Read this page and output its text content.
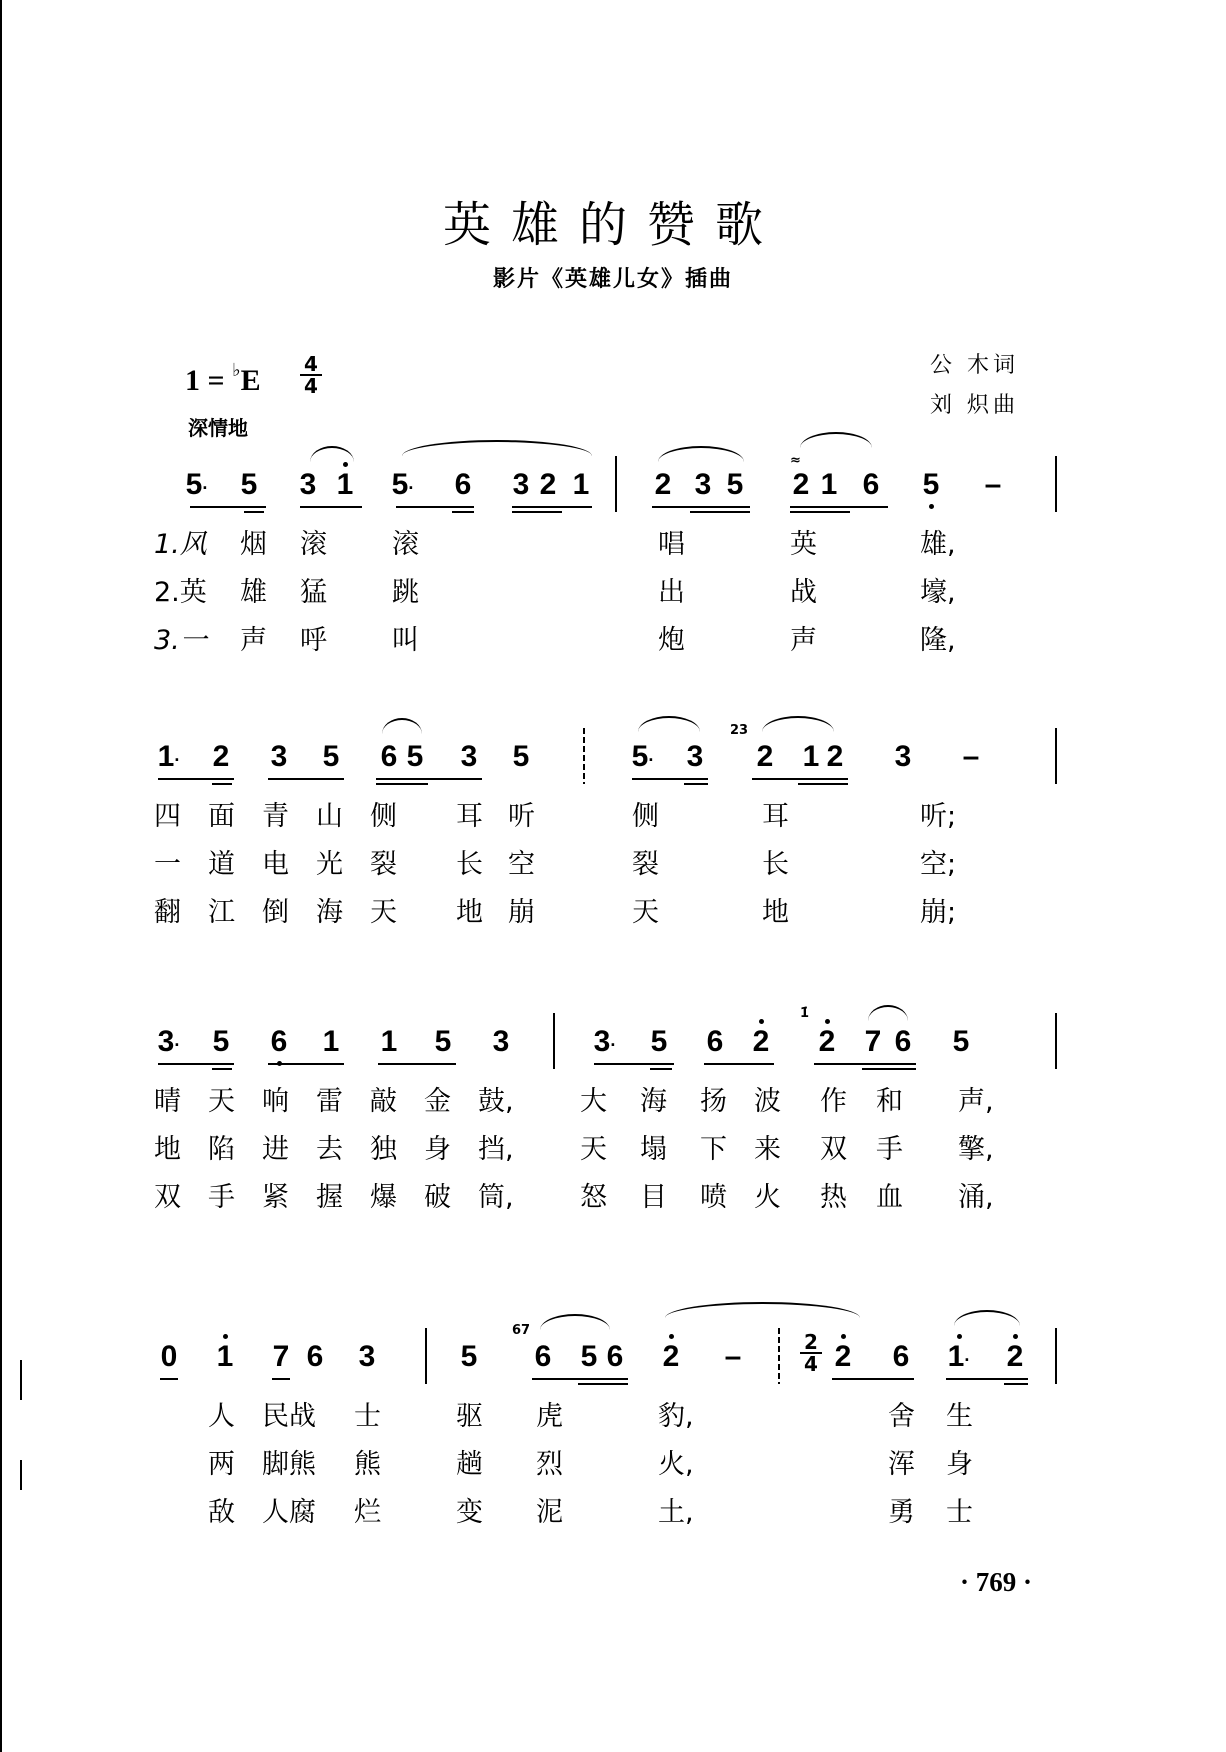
英雄的赞歌
影片《英雄儿女》插曲
$1 = ^♭E \frac{4}{4}$
深情地
公 木词
刘 炽曲
5· 5 3 1 5· 6 3 2 1 2 3 5 2
≈
1 6 5 –
1.风 烟 滚 滚	唱	英	雄,
2.英 雄 猛 跳	出	战	壕,
3.一 声 呼 叫	炮	声	隆,
1· 2 3 5 6 5 3 5	5· 3
23
2 1 2 3 –
四 面 青 山 侧 耳 听	侧	耳	听;
一 道 电 光 裂 长 空	裂	长	空;
翻 江 倒 海 天 地 崩	天	地	崩;
3· 5 6 1 1 5 3	3· 5 6 2
1̇
2 7 6 5
晴 天 响 雷 敲 金 鼓, 大 海 扬 波 作 和 声,
地 陷 进 去 独 身 挡, 天 塌 下 来 双 手 擎,
双 手 紧 握 爆 破 筒, 怒 目 喷 火 热 血 涌,
0 1 7 6 3	5
67
6 5 6 2 –	$\frac{2}{4} 2$ 6 1
· 2
人 民战 士	驱 虎	豹,	舍 生
两 脚熊 熊	趟 烈	火,	浑 身
敌 人腐 烂	变 泥	土,	勇 士
· 769 ·
